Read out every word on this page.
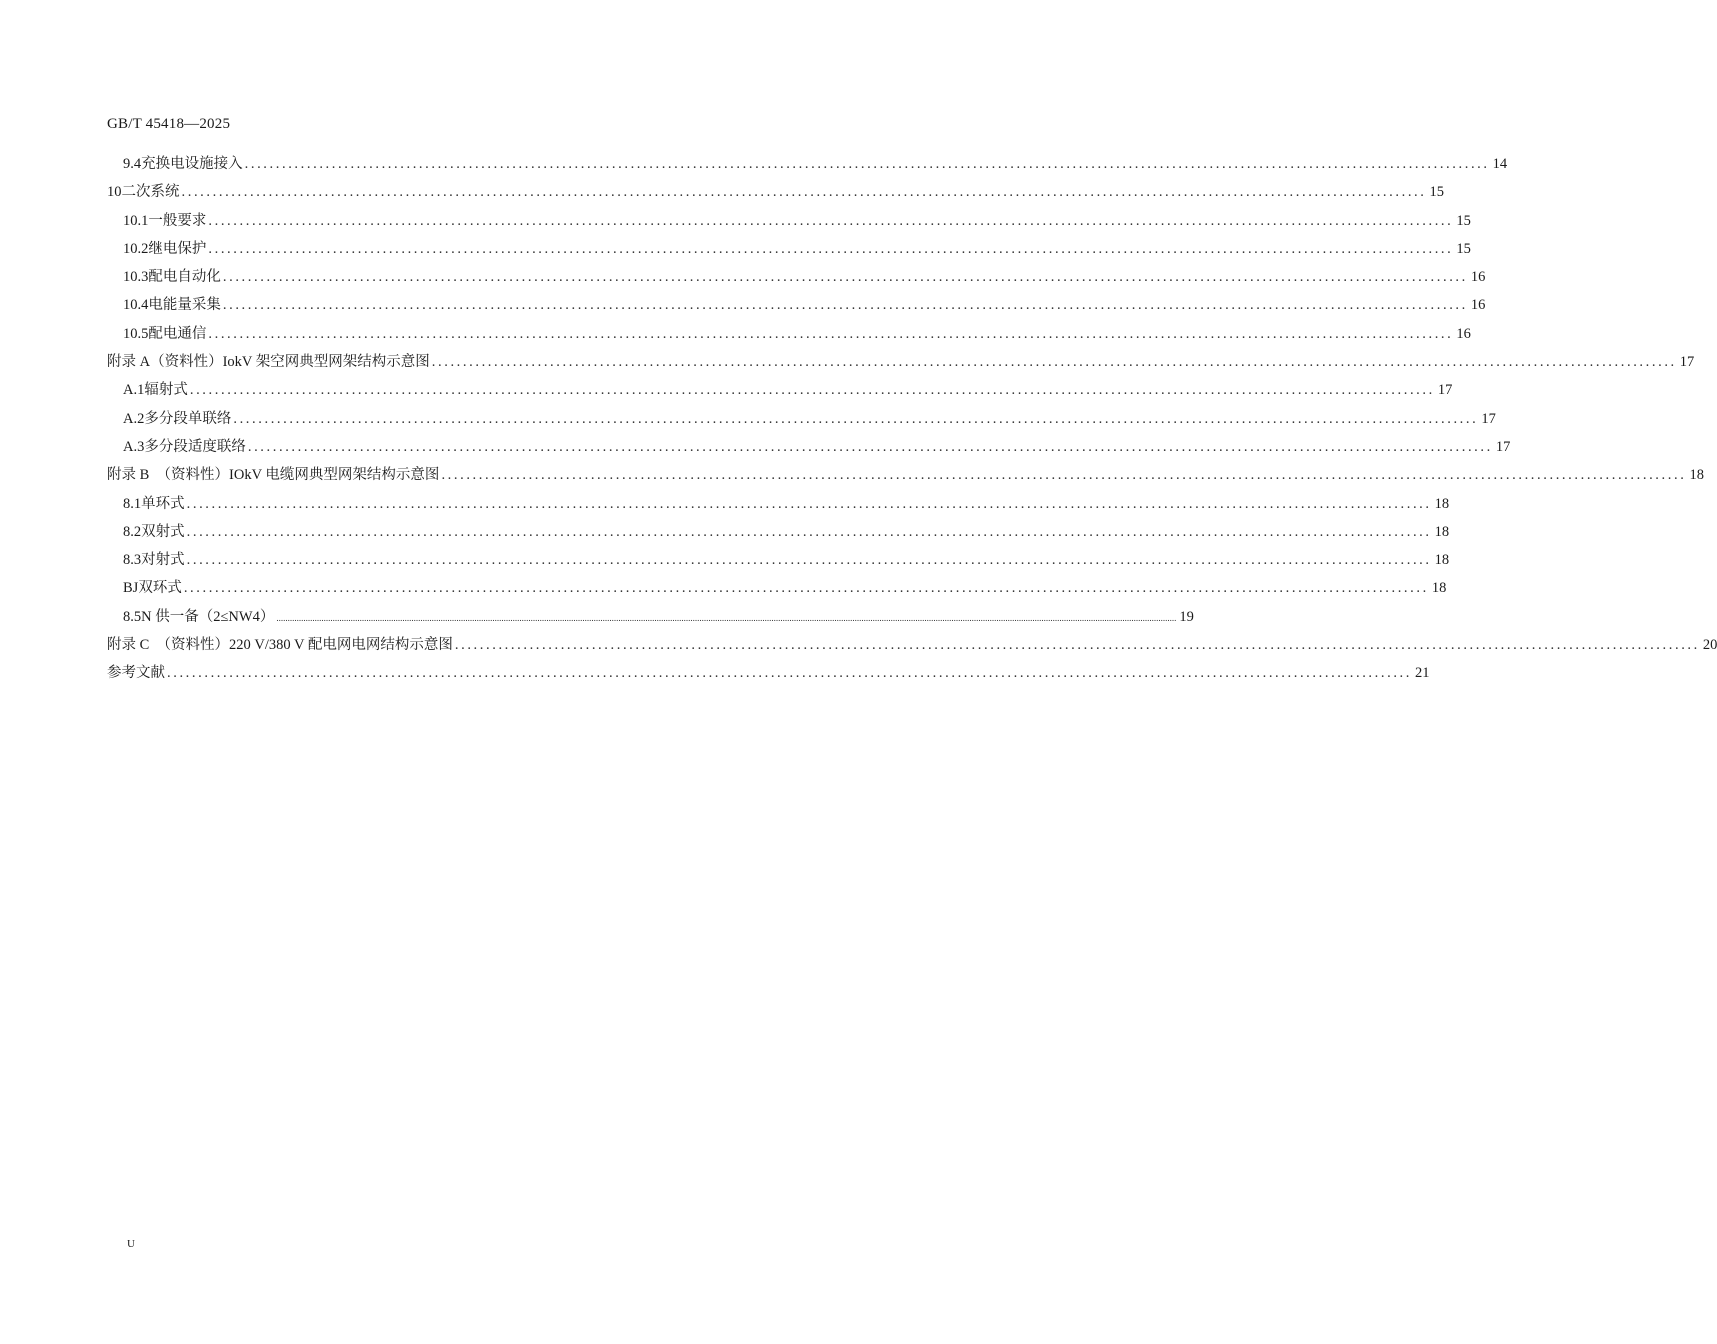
GB/T 45418—2025
9.4 充换电设施接入 ........................................................................................................................................................................................................ 14
10 二次系统 ........................................................................................................................................................................................................ 15
10.1 一般要求 ........................................................................................................................................................................................................ 15
10.2 继电保护 ........................................................................................................................................................................................................ 15
10.3 配电自动化 ........................................................................................................................................................................................................ 16
10.4 电能量采集 ........................................................................................................................................................................................................ 16
10.5 配电通信 ........................................................................................................................................................................................................ 16
附录 A（资料性）IokV 架空网典型网架结构示意图 ........................................................................................................................................................................................................ 17
A.1 辐射式 ........................................................................................................................................................................................................ 17
A.2 多分段单联络 ........................................................................................................................................................................................................ 17
A.3 多分段适度联络 ........................................................................................................................................................................................................ 17
附录 B　（资料性）IOkV 电缆网典型网架结构示意图 ........................................................................................................................................................................................................ 18
8.1 单环式 ........................................................................................................................................................................................................ 18
8.2 双射式 ........................................................................................................................................................................................................ 18
8.3 对射式 ........................................................................................................................................................................................................ 18
BJ 双环式 ........................................................................................................................................................................................................ 18
8.5 N 供一备（2≤NW4） ................................................................................................................................................................................................................................................................................................................................................................................................................ 19
附录 C　（资料性）220 V/380 V 配电网电网结构示意图 ........................................................................................................................................................................................................ 20
参考文献 ........................................................................................................................................................................................................ 21
U
